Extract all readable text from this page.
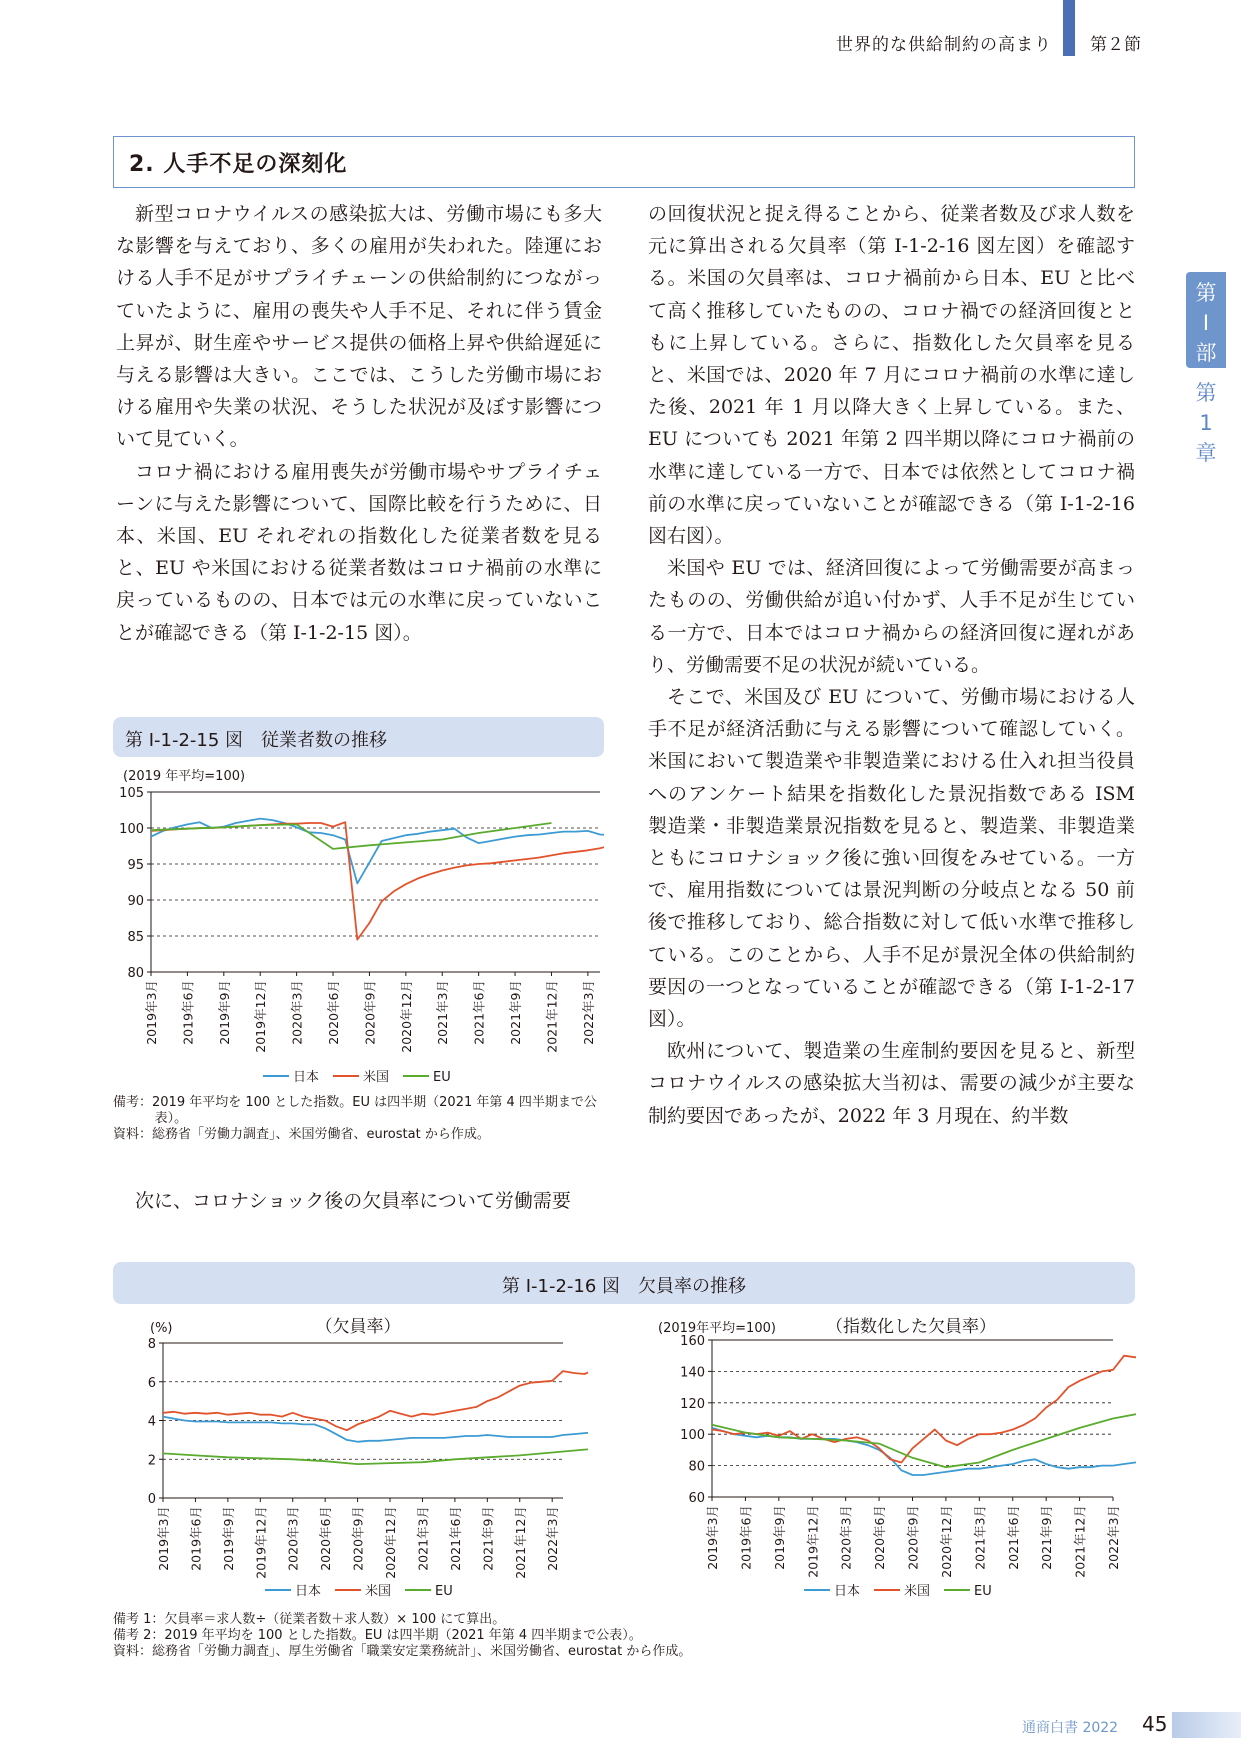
世界的な供給制約の高まり 第２節
第
I
部
第
1
章
2. 人手不足の深刻化

新型コロナウイルスの感染拡大は、労働市場にも多大な影響を与えており、多くの雇用が失われた。陸運における人手不足がサプライチェーンの供給制約につながっていたように、雇用の喪失や人手不足、それに伴う賃金上昇が、財生産やサービス提供の価格上昇や供給遅延に与える影響は大きい。ここでは、こうした労働市場における雇用や失業の状況、そうした状況が及ぼす影響について見ていく。

コロナ禍における雇用喪失が労働市場やサプライチェーンに与えた影響について、国際比較を行うために、日本、米国、EU それぞれの指数化した従業者数を見ると、EU や米国における従業者数はコロナ禍前の水準に戻っているものの、日本では元の水準に戻っていないことが確認できる（第 I-1-2-15 図）。

次に、コロナショック後の欠員率について労働需要

の回復状況と捉え得ることから、従業者数及び求人数を元に算出される欠員率（第 I-1-2-16 図左図）を確認する。米国の欠員率は、コロナ禍前から日本、EU と比べて高く推移していたものの、コロナ禍での経済回復とともに上昇している。さらに、指数化した欠員率を見ると、米国では、2020 年 7 月にコロナ禍前の水準に達した後、2021 年 1 月以降大きく上昇している。また、EU についても 2021 年第 2 四半期以降にコロナ禍前の水準に達している一方で、日本では依然としてコロナ禍前の水準に戻っていないことが確認できる（第 I-1-2-16 図右図）。

米国や EU では、経済回復によって労働需要が高まったものの、労働供給が追い付かず、人手不足が生じている一方で、日本ではコロナ禍からの経済回復に遅れがあり、労働需要不足の状況が続いている。

そこで、米国及び EU について、労働市場における人手不足が経済活動に与える影響について確認していく。米国において製造業や非製造業における仕入れ担当役員へのアンケート結果を指数化した景況指数である ISM 製造業・非製造業景況指数を見ると、製造業、非製造業ともにコロナショック後に強い回復をみせている。一方で、雇用指数については景況判断の分岐点となる 50 前後で推移しており、総合指数に対して低い水準で推移している。このことから、人手不足が景況全体の供給制約要因の一つとなっていることが確認できる（第 I-1-2-17 図）。

欧州について、製造業の生産制約要因を見ると、新型コロナウイルスの感染拡大当初は、需要の減少が主要な制約要因であったが、2022 年 3 月現在、約半数

第 I-1-2-15 図　従業者数の推移
(2019 年平均=100)
80
85
90
95
100
105
2019年3月 2019年6月 2019年9月 2019年12月 2020年3月 2020年6月 2020年9月 2020年12月 2021年3月 2021年6月 2021年9月 2021年12月 2022年3月
日本	米国	EU
備考：2019 年平均を 100 とした指数。EU は四半期（2021 年第 4 四半期まで公表）。
資料：総務省「労働力調査」、米国労働省、eurostat から作成。
第 I-1-2-16 図　欠員率の推移
(%)	（欠員率）
0
2
4
6
8
2019年3月 2019年6月 2019年9月 2019年12月 2020年3月 2020年6月 2020年9月 2020年12月 2021年3月 2021年6月 2021年9月 2021年12月 2022年3月
日本	米国	EU
(2019年平均=100)	（指数化した欠員率）
60
80
100
120
140
160
2019年3月 2019年6月 2019年9月 2019年12月 2020年3月 2020年6月 2020年9月 2020年12月 2021年3月 2021年6月 2021年9月 2021年12月 2022年3月
日本	米国	EU
備考 1：欠員率＝求人数÷（従業者数＋求人数）× 100 にて算出。
備考 2：2019 年平均を 100 とした指数。EU は四半期（2021 年第 4 四半期まで公表）。
資料：総務省「労働力調査」、厚生労働省「職業安定業務統計」、米国労働省、eurostat から作成。
通商白書 2022 45
